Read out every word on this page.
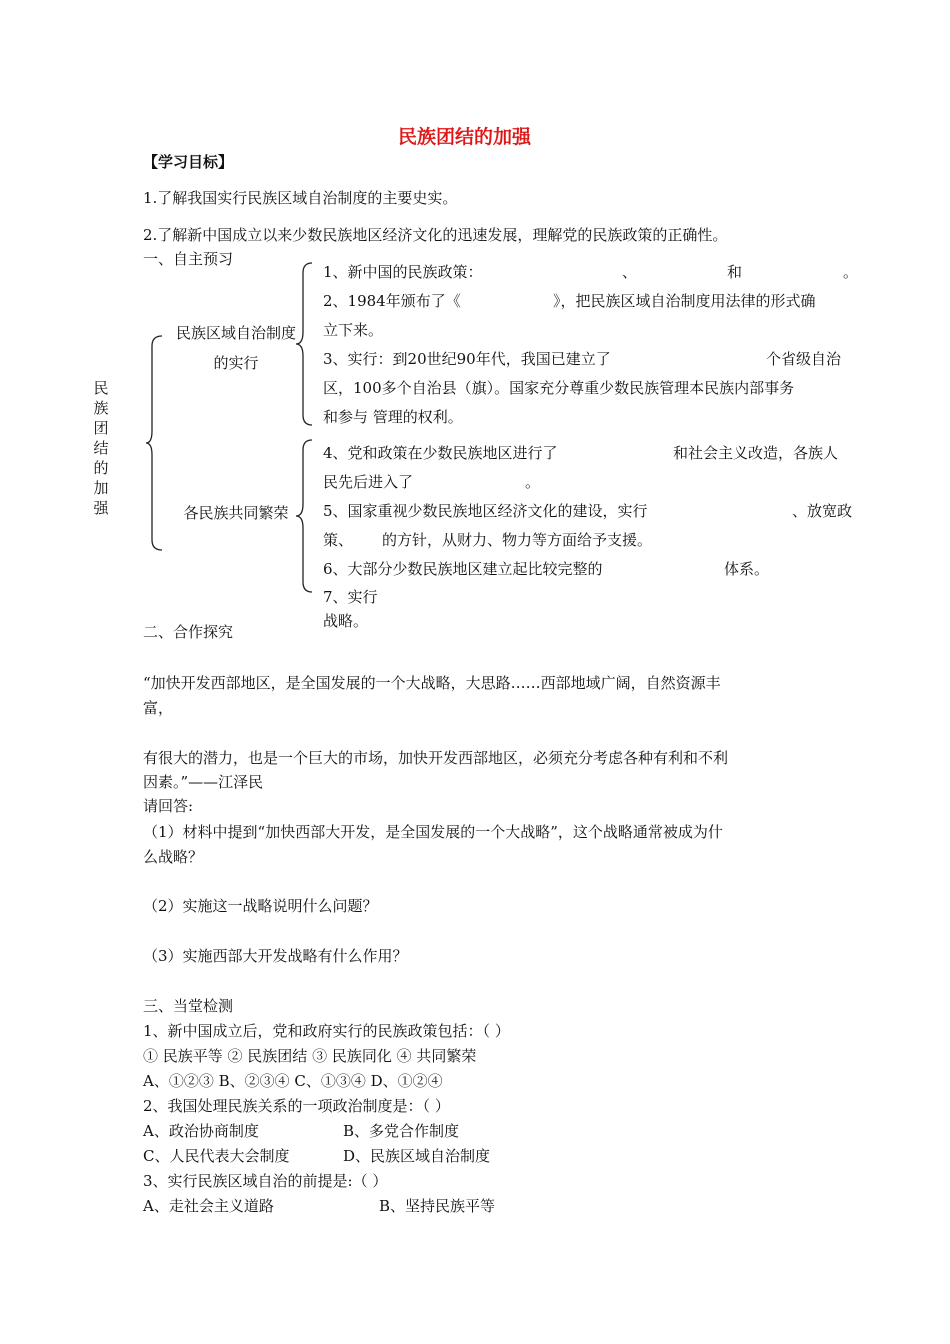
民族团结的加强
【学习目标】
1.了解我国实行民族区域自治制度的主要史实。
2.了解新中国成立以来少数民族地区经济文化的迅速发展，理解党的民族政策的正确性。
一、自主预习
民族团结的加强
民族区域自治制度的实行
各民族共同繁荣
1、新中国的民族政策：	、	和	。
2、1984年颁布了《	》，把民族区域自治制度用法律的形式确
立下来。
3、实行：到20世纪90年代，我国已建立了	个省级自治
区，100多个自治县（旗）。国家充分尊重少数民族管理本民族内部事务
和参与 管理的权利。
4、党和政策在少数民族地区进行了	和社会主义改造，各族人
民先后进入了	。
5、国家重视少数民族地区经济文化的建设，实行	、放宽政
策、 的方针，从财力、物力等方面给予支援。
6、大部分少数民族地区建立起比较完整的	体系。
7、实行
战略。
二、合作探究
“加快开发西部地区，是全国发展的一个大战略，大思路……西部地域广阔，自然资源丰
富，
有很大的潜力，也是一个巨大的市场，加快开发西部地区，必须充分考虑各种有利和不利
因素。”——江泽民
请回答:
（1）材料中提到“加快西部大开发，是全国发展的一个大战略”，这个战略通常被成为什
么战略？
（2）实施这一战略说明什么问题？
（3）实施西部大开发战略有什么作用？
三、当堂检测
1、新中国成立后，党和政府实行的民族政策包括：（ ）
① 民族平等 ② 民族团结 ③ 民族同化 ④ 共同繁荣
A、①②③ B、②③④ C、①③④ D、①②④
2、我国处理民族关系的一项政治制度是：（ ）
A、政治协商制度	B、多党合作制度
C、人民代表大会制度	D、民族区域自治制度
3、实行民族区域自治的前提是:（ ）
A、走社会主义道路	B、坚持民族平等
